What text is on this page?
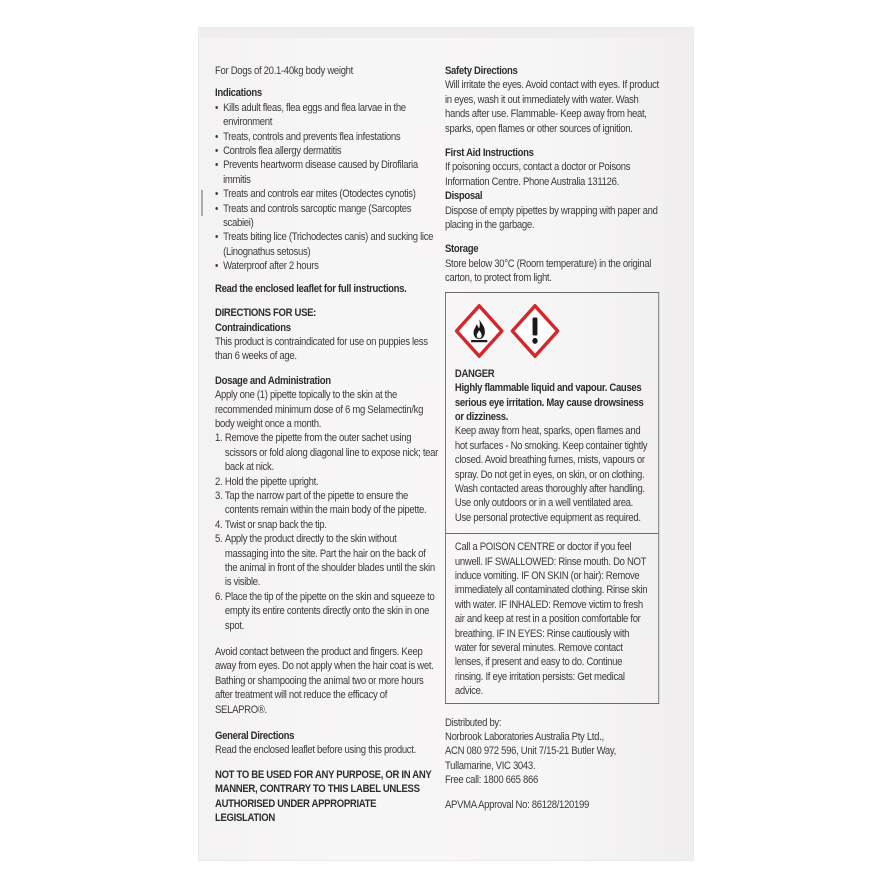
For Dogs of 20.1-40kg body weight

Indications
• Kills adult fleas, flea eggs and flea larvae in the environment
• Treats, controls and prevents flea infestations
• Controls flea allergy dermatitis
• Prevents heartworm disease caused by Dirofilaria immitis
• Treats and controls ear mites (Otodectes cynotis)
• Treats and controls sarcoptic mange (Sarcoptes scabiei)
• Treats biting lice (Trichodectes canis) and sucking lice (Linognathus setosus)
• Waterproof after 2 hours
Read the enclosed leaflet for full instructions.
DIRECTIONS FOR USE:
Contraindications

This product is contraindicated for use on puppies less than 6 weeks of age.

Dosage and Administration

Apply one (1) pipette topically to the skin at the recommended minimum dose of 6 mg Selamectin/kg body weight once a month.

1. Remove the pipette from the outer sachet using scissors or fold along diagonal line to expose nick; tear back at nick.
2. Hold the pipette upright.
3. Tap the narrow part of the pipette to ensure the contents remain within the main body of the pipette.
4. Twist or snap back the tip.
5. Apply the product directly to the skin without massaging into the site. Part the hair on the back of the animal in front of the shoulder blades until the skin is visible.
6. Place the tip of the pipette on the skin and squeeze to empty its entire contents directly onto the skin in one spot.

Avoid contact between the product and fingers. Keep away from eyes. Do not apply when the hair coat is wet. Bathing or shampooing the animal two or more hours after treatment will not reduce the efficacy of SELAPRO®.

General Directions

Read the enclosed leaflet before using this product.

NOT TO BE USED FOR ANY PURPOSE, OR IN ANY MANNER, CONTRARY TO THIS LABEL UNLESS AUTHORISED UNDER APPROPRIATE LEGISLATION
Safety Directions

Will irritate the eyes. Avoid contact with eyes. If product in eyes, wash it out immediately with water. Wash hands after use. Flammable- Keep away from heat, sparks, open flames or other sources of ignition.

First Aid Instructions

If poisoning occurs, contact a doctor or Poisons Information Centre. Phone Australia 131126.

Disposal

Dispose of empty pipettes by wrapping with paper and placing in the garbage.

Storage

Store below 30°C (Room temperature) in the original carton, to protect from light.

DANGER

Highly flammable liquid and vapour. Causes serious eye irritation. May cause drowsiness or dizziness.

Keep away from heat, sparks, open flames and hot surfaces - No smoking. Keep container tightly closed. Avoid breathing fumes, mists, vapours or spray. Do not get in eyes, on skin, or on clothing. Wash contacted areas thoroughly after handling. Use only outdoors or in a well ventilated area. Use personal protective equipment as required.

Call a POISON CENTRE or doctor if you feel unwell. IF SWALLOWED: Rinse mouth. Do NOT induce vomiting. IF ON SKIN (or hair): Remove immediately all contaminated clothing. Rinse skin with water. IF INHALED: Remove victim to fresh air and keep at rest in a position comfortable for breathing. IF IN EYES: Rinse cautiously with water for several minutes. Remove contact lenses, if present and easy to do. Continue rinsing. If eye irritation persists: Get medical advice.

Distributed by:
Norbrook Laboratories Australia Pty Ltd.,
ACN 080 972 596, Unit 7/15-21 Butler Way,
Tullamarine, VIC 3043.
Free call: 1800 665 866
APVMA Approval No: 86128/120199
